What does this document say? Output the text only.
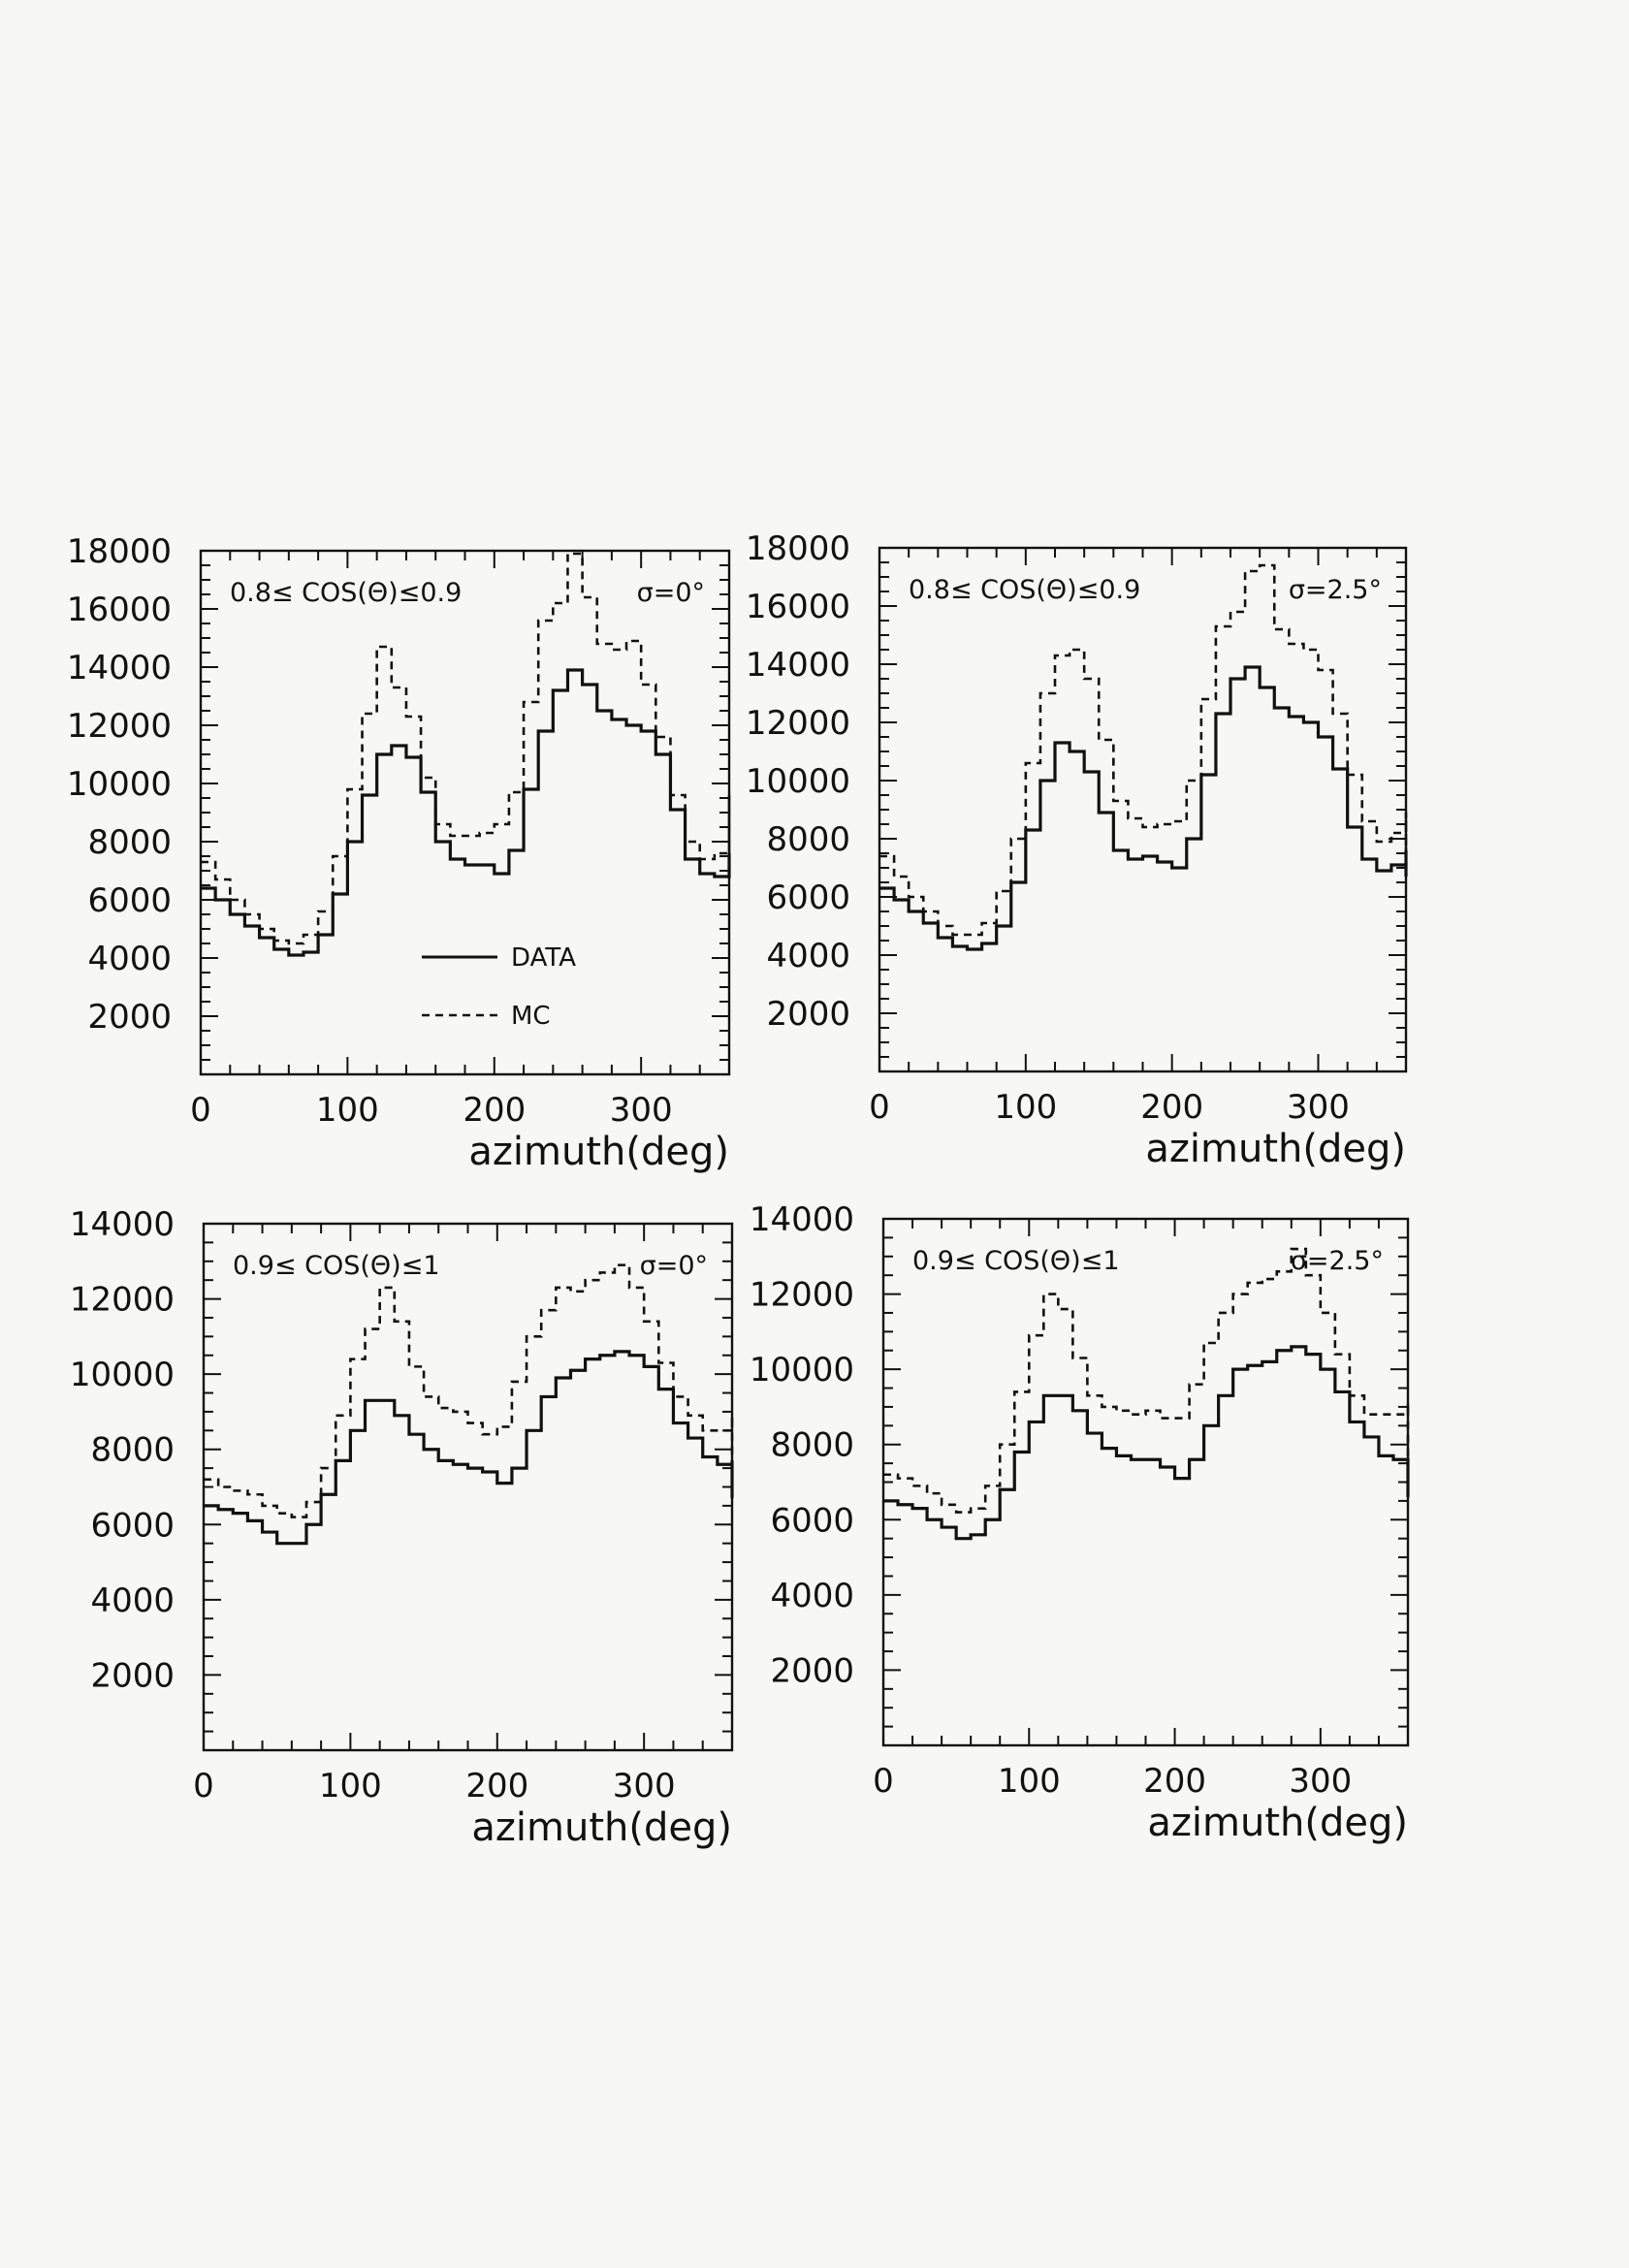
2000
4000
6000
8000
10000
12000
14000
16000
18000
0	100	200	300
azimuth(deg)
0.8≤ COS(Θ)≤0.9	σ=0°
DATA
MC	2000
4000
6000
8000
10000
12000
14000
16000
18000
0	100	200	300
azimuth(deg)
0.8≤ COS(Θ)≤0.9	σ=2.5°
2000
4000
6000
8000
10000
12000
14000
0	100	200	300
azimuth(deg)
0.9≤ COS(Θ)≤1	σ=0°
2000
4000
6000
8000
10000
12000
14000
0	100	200	300
azimuth(deg)
0.9≤ COS(Θ)≤1	σ=2.5°
